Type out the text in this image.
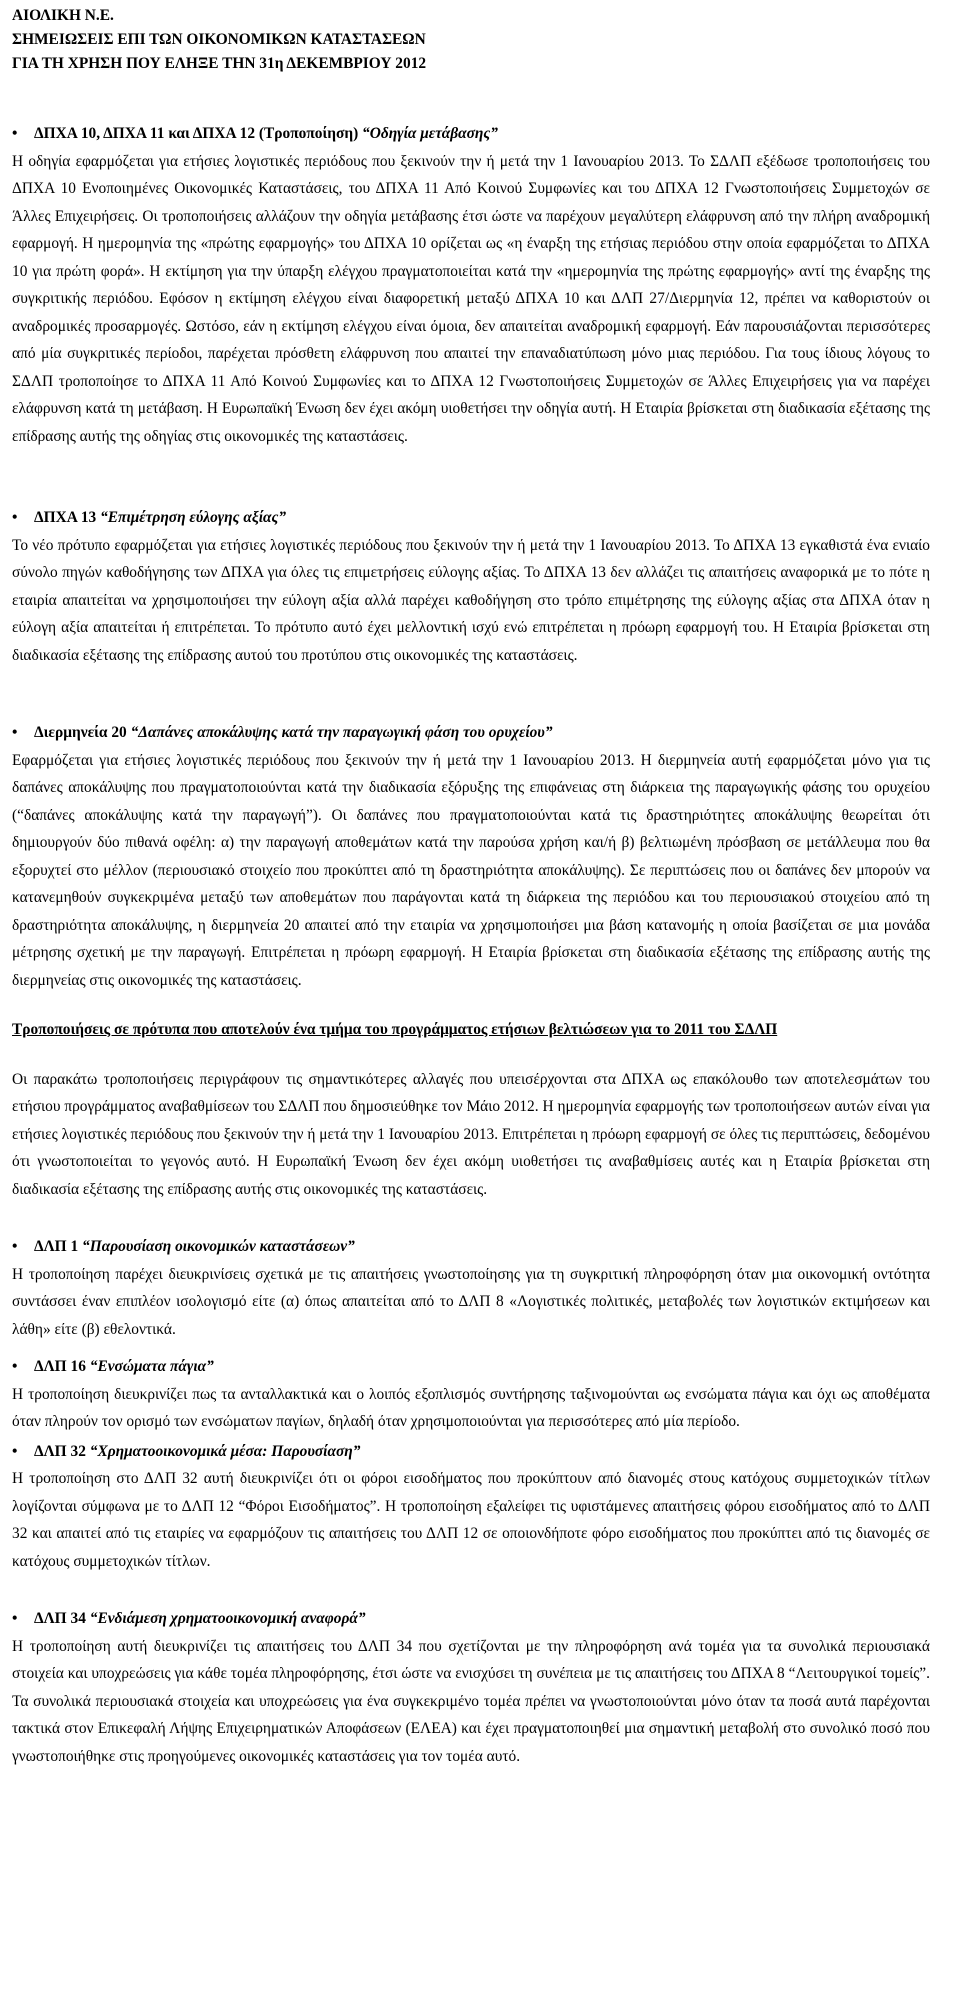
ΑΙΟΛΙΚΗ Ν.Ε.
ΣΗΜΕΙΩΣΕΙΣ ΕΠΙ ΤΩΝ ΟΙΚΟΝΟΜΙΚΩΝ ΚΑΤΑΣΤΑΣΕΩΝ
ΓΙΑ ΤΗ ΧΡΗΣΗ ΠΟΥ ΕΛΗΞΕ ΤΗΝ 31η ΔΕΚΕΜΒΡΙΟΥ 2012
• ΔΠΧΑ 10, ΔΠΧΑ 11 και ΔΠΧΑ 12 (Τροποποίηση) “Οδηγία μετάβασης”

Η οδηγία εφαρμόζεται για ετήσιες λογιστικές περιόδους που ξεκινούν την ή μετά την 1 Ιανουαρίου 2013. Το ΣΔΛΠ εξέδωσε τροποποιήσεις του ΔΠΧΑ 10 Ενοποιημένες Οικονομικές Καταστάσεις, του ΔΠΧΑ 11 Από Κοινού Συμφωνίες και του ΔΠΧΑ 12 Γνωστοποιήσεις Συμμετοχών σε Άλλες Επιχειρήσεις. Οι τροποποιήσεις αλλάζουν την οδηγία μετάβασης έτσι ώστε να παρέχουν μεγαλύτερη ελάφρυνση από την πλήρη αναδρομική εφαρμογή. Η ημερομηνία της «πρώτης εφαρμογής» του ΔΠΧΑ 10 ορίζεται ως «η έναρξη της ετήσιας περιόδου στην οποία εφαρμόζεται το ΔΠΧΑ 10 για πρώτη φορά». Η εκτίμηση για την ύπαρξη ελέγχου πραγματοποιείται κατά την «ημερομηνία της πρώτης εφαρμογής» αντί της έναρξης της συγκριτικής περιόδου. Εφόσον η εκτίμηση ελέγχου είναι διαφορετική μεταξύ ΔΠΧΑ 10 και ΔΛΠ 27/Διερμηνία 12, πρέπει να καθοριστούν οι αναδρομικές προσαρμογές. Ωστόσο, εάν η εκτίμηση ελέγχου είναι όμοια, δεν απαιτείται αναδρομική εφαρμογή. Εάν παρουσιάζονται περισσότερες από μία συγκριτικές περίοδοι, παρέχεται πρόσθετη ελάφρυνση που απαιτεί την επαναδιατύπωση μόνο μιας περιόδου. Για τους ίδιους λόγους το ΣΔΛΠ τροποποίησε το ΔΠΧΑ 11 Από Κοινού Συμφωνίες και το ΔΠΧΑ 12 Γνωστοποιήσεις Συμμετοχών σε Άλλες Επιχειρήσεις για να παρέχει ελάφρυνση κατά τη μετάβαση. Η Ευρωπαϊκή Ένωση δεν έχει ακόμη υιοθετήσει την οδηγία αυτή. Η Εταιρία βρίσκεται στη διαδικασία εξέτασης της επίδρασης αυτής της οδηγίας στις οικονομικές της καταστάσεις.

• ΔΠΧΑ 13 “Επιμέτρηση εύλογης αξίας”

Το νέο πρότυπο εφαρμόζεται για ετήσιες λογιστικές περιόδους που ξεκινούν την ή μετά την 1 Ιανουαρίου 2013. Το ΔΠΧΑ 13 εγκαθιστά ένα ενιαίο σύνολο πηγών καθοδήγησης των ΔΠΧΑ για όλες τις επιμετρήσεις εύλογης αξίας. Το ΔΠΧΑ 13 δεν αλλάζει τις απαιτήσεις αναφορικά με το πότε η εταιρία απαιτείται να χρησιμοποιήσει την εύλογη αξία αλλά παρέχει καθοδήγηση στο τρόπο επιμέτρησης της εύλογης αξίας στα ΔΠΧΑ όταν η εύλογη αξία απαιτείται ή επιτρέπεται. Το πρότυπο αυτό έχει μελλοντική ισχύ ενώ επιτρέπεται η πρόωρη εφαρμογή του. Η Εταιρία βρίσκεται στη διαδικασία εξέτασης της επίδρασης αυτού του προτύπου στις οικονομικές της καταστάσεις.

• Διερμηνεία 20 “Δαπάνες αποκάλυψης κατά την παραγωγική φάση του ορυχείου”

Εφαρμόζεται για ετήσιες λογιστικές περιόδους που ξεκινούν την ή μετά την 1 Ιανουαρίου 2013. Η διερμηνεία αυτή εφαρμόζεται μόνο για τις δαπάνες αποκάλυψης που πραγματοποιούνται κατά την διαδικασία εξόρυξης της επιφάνειας στη διάρκεια της παραγωγικής φάσης του ορυχείου (“δαπάνες αποκάλυψης κατά την παραγωγή”). Οι δαπάνες που πραγματοποιούνται κατά τις δραστηριότητες αποκάλυψης θεωρείται ότι δημιουργούν δύο πιθανά οφέλη: α) την παραγωγή αποθεμάτων κατά την παρούσα χρήση και/ή β) βελτιωμένη πρόσβαση σε μετάλλευμα που θα εξορυχτεί στο μέλλον (περιουσιακό στοιχείο που προκύπτει από τη δραστηριότητα αποκάλυψης). Σε περιπτώσεις που οι δαπάνες δεν μπορούν να κατανεμηθούν συγκεκριμένα μεταξύ των αποθεμάτων που παράγονται κατά τη διάρκεια της περιόδου και του περιουσιακού στοιχείου από τη δραστηριότητα αποκάλυψης, η διερμηνεία 20 απαιτεί από την εταιρία να χρησιμοποιήσει μια βάση κατανομής η οποία βασίζεται σε μια μονάδα μέτρησης σχετική με την παραγωγή. Επιτρέπεται η πρόωρη εφαρμογή. Η Εταιρία βρίσκεται στη διαδικασία εξέτασης της επίδρασης αυτής της διερμηνείας στις οικονομικές της καταστάσεις.

Τροποποιήσεις σε πρότυπα που αποτελούν ένα τμήμα του προγράμματος ετήσιων βελτιώσεων για το 2011 του ΣΔΛΠ

Οι παρακάτω τροποποιήσεις περιγράφουν τις σημαντικότερες αλλαγές που υπεισέρχονται στα ΔΠΧΑ ως επακόλουθο των αποτελεσμάτων του ετήσιου προγράμματος αναβαθμίσεων του ΣΔΛΠ που δημοσιεύθηκε τον Μάιο 2012. Η ημερομηνία εφαρμογής των τροποποιήσεων αυτών είναι για ετήσιες λογιστικές περιόδους που ξεκινούν την ή μετά την 1 Ιανουαρίου 2013. Επιτρέπεται η πρόωρη εφαρμογή σε όλες τις περιπτώσεις, δεδομένου ότι γνωστοποιείται το γεγονός αυτό. Η Ευρωπαϊκή Ένωση δεν έχει ακόμη υιοθετήσει τις αναβαθμίσεις αυτές και η Εταιρία βρίσκεται στη διαδικασία εξέτασης της επίδρασης αυτής στις οικονομικές της καταστάσεις.

• ΔΛΠ 1 “Παρουσίαση οικονομικών καταστάσεων”

Η τροποποίηση παρέχει διευκρινίσεις σχετικά με τις απαιτήσεις γνωστοποίησης για τη συγκριτική πληροφόρηση όταν μια οικονομική οντότητα συντάσσει έναν επιπλέον ισολογισμό είτε (α) όπως απαιτείται από το ΔΛΠ 8 «Λογιστικές πολιτικές, μεταβολές των λογιστικών εκτιμήσεων και λάθη» είτε (β) εθελοντικά.

• ΔΛΠ 16 “Ενσώματα πάγια”

Η τροποποίηση διευκρινίζει πως τα ανταλλακτικά και ο λοιπός εξοπλισμός συντήρησης ταξινομούνται ως ενσώματα πάγια και όχι ως αποθέματα όταν πληρούν τον ορισμό των ενσώματων παγίων, δηλαδή όταν χρησιμοποιούνται για περισσότερες από μία περίοδο.

• ΔΛΠ 32 “Χρηματοοικονομικά μέσα: Παρουσίαση”

Η τροποποίηση στο ΔΛΠ 32 αυτή διευκρινίζει ότι οι φόροι εισοδήματος που προκύπτουν από διανομές στους κατόχους συμμετοχικών τίτλων λογίζονται σύμφωνα με το ΔΛΠ 12 “Φόροι Εισοδήματος”. Η τροποποίηση εξαλείφει τις υφιστάμενες απαιτήσεις φόρου εισοδήματος από το ΔΛΠ 32 και απαιτεί από τις εταιρίες να εφαρμόζουν τις απαιτήσεις του ΔΛΠ 12 σε οποιονδήποτε φόρο εισοδήματος που προκύπτει από τις διανομές σε κατόχους συμμετοχικών τίτλων.

• ΔΛΠ 34 “Ενδιάμεση χρηματοοικονομική αναφορά”

Η τροποποίηση αυτή διευκρινίζει τις απαιτήσεις του ΔΛΠ 34 που σχετίζονται με την πληροφόρηση ανά τομέα για τα συνολικά περιουσιακά στοιχεία και υποχρεώσεις για κάθε τομέα πληροφόρησης, έτσι ώστε να ενισχύσει τη συνέπεια με τις απαιτήσεις του ΔΠΧΑ 8 “Λειτουργικοί τομείς”. Τα συνολικά περιουσιακά στοιχεία και υποχρεώσεις για ένα συγκεκριμένο τομέα πρέπει να γνωστοποιούνται μόνο όταν τα ποσά αυτά παρέχονται τακτικά στον Επικεφαλή Λήψης Επιχειρηματικών Αποφάσεων (ΕΛΕΑ) και έχει πραγματοποιηθεί μια σημαντική μεταβολή στο συνολικό ποσό που γνωστοποιήθηκε στις προηγούμενες οικονομικές καταστάσεις για τον τομέα αυτό.
